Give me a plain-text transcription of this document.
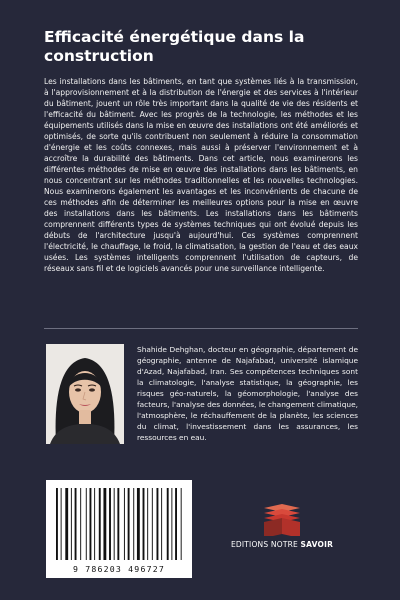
Efficacité énergétique dans la construction
Les installations dans les bâtiments, en tant que systèmes liés à la transmission, à l'approvisionnement et à la distribution de l'énergie et des services à l'intérieur du bâtiment, jouent un rôle très important dans la qualité de vie des résidents et l'efficacité du bâtiment. Avec les progrès de la technologie, les méthodes et les équipements utilisés dans la mise en œuvre des installations ont été améliorés et optimisés, de sorte qu'ils contribuent non seulement à réduire la consommation d'énergie et les coûts connexes, mais aussi à préserver l'environnement et à accroître la durabilité des bâtiments. Dans cet article, nous examinerons les différentes méthodes de mise en œuvre des installations dans les bâtiments, en nous concentrant sur les méthodes traditionnelles et les nouvelles technologies. Nous examinerons également les avantages et les inconvénients de chacune de ces méthodes afin de déterminer les meilleures options pour la mise en œuvre des installations dans les bâtiments. Les installations dans les bâtiments comprennent différents types de systèmes techniques qui ont évolué depuis les débuts de l'architecture jusqu'à aujourd'hui. Ces systèmes comprennent l'électricité, le chauffage, le froid, la climatisation, la gestion de l'eau et des eaux usées. Les systèmes intelligents comprennent l'utilisation de capteurs, de réseaux sans fil et de logiciels avancés pour une surveillance intelligente.
Shahide Dehghan, docteur en géographie, département de géographie, antenne de Najafabad, université islamique d'Azad, Najafabad, Iran. Ses compétences techniques sont la climatologie, l'analyse statistique, la géographie, les risques géo-naturels, la géomorphologie, l'analyse des facteurs, l'analyse des données, le changement climatique, l'atmosphère, le réchauffement de la planète, les sciences du climat, l'investissement dans les assurances, les ressources en eau.
9 786203 496727
EDITIONS NOTRE SAVOIR
